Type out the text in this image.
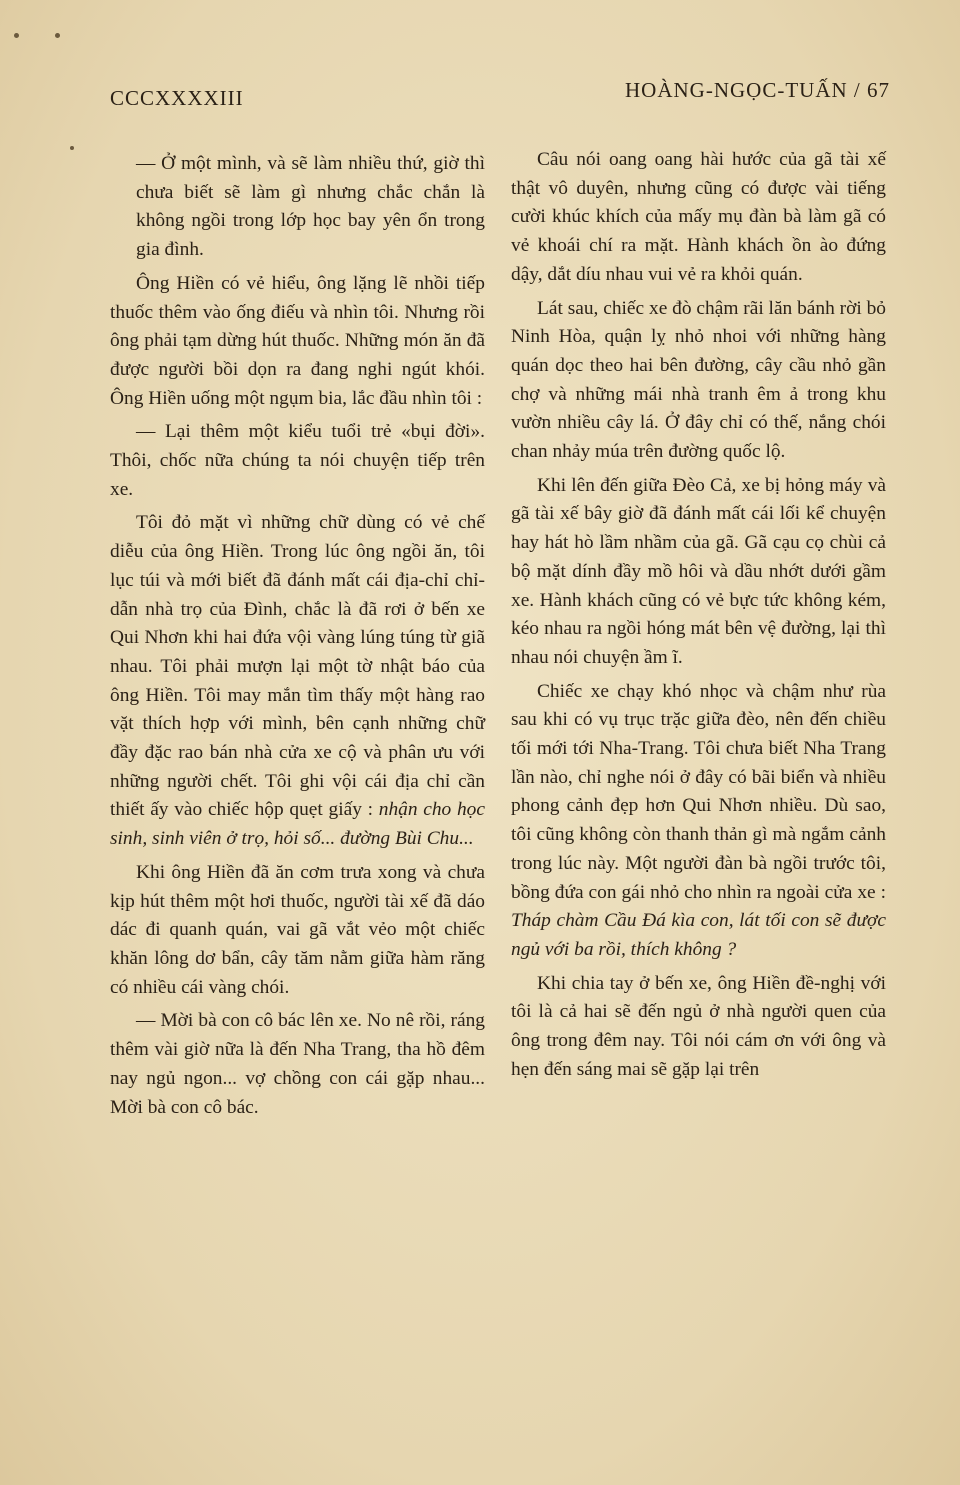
CCCXXXXIII	HOÀNG-NGỌC-TUẤN / 67

— Ở một mình, và sẽ làm nhiều thứ, giờ thì chưa biết sẽ làm gì nhưng chắc chắn là không ngồi trong lớp học bay yên ổn trong gia đình.

Ông Hiền có vẻ hiểu, ông lặng lẽ nhồi tiếp thuốc thêm vào ống điếu và nhìn tôi. Nhưng rồi ông phải tạm dừng hút thuốc. Những món ăn đã được người bồi dọn ra đang nghi ngút khói. Ông Hiền uống một ngụm bia, lắc đầu nhìn tôi :

— Lại thêm một kiểu tuổi trẻ «bụi đời». Thôi, chốc nữa chúng ta nói chuyện tiếp trên xe.

Tôi đỏ mặt vì những chữ dùng có vẻ chế diễu của ông Hiền. Trong lúc ông ngồi ăn, tôi lục túi và mới biết đã đánh mất cái địa-chỉ chỉ-dẫn nhà trọ của Đình, chắc là đã rơi ở bến xe Qui Nhơn khi hai đứa vội vàng lúng túng từ giã nhau. Tôi phải mượn lại một tờ nhật báo của ông Hiền. Tôi may mắn tìm thấy một hàng rao vặt thích hợp với mình, bên cạnh những chữ đầy đặc rao bán nhà cửa xe cộ và phân ưu với những người chết. Tôi ghi vội cái địa chỉ cần thiết ấy vào chiếc hộp quẹt giấy : nhận cho học sinh, sinh viên ở trọ, hỏi số... đường Bùi Chu...

Khi ông Hiền đã ăn cơm trưa xong và chưa kịp hút thêm một hơi thuốc, người tài xế đã dáo dác đi quanh quán, vai gã vắt vẻo một chiếc khăn lông dơ bẩn, cây tăm nằm giữa hàm răng có nhiều cái vàng chói.

— Mời bà con cô bác lên xe. No nê rồi, ráng thêm vài giờ nữa là đến Nha Trang, tha hồ đêm nay ngủ ngon... vợ chồng con cái gặp nhau... Mời bà con cô bác.

Câu nói oang oang hài hước của gã tài xế thật vô duyên, nhưng cũng có được vài tiếng cười khúc khích của mấy mụ đàn bà làm gã có vẻ khoái chí ra mặt. Hành khách ồn ào đứng dậy, dắt díu nhau vui vẻ ra khỏi quán.

Lát sau, chiếc xe đò chậm rãi lăn bánh rời bỏ Ninh Hòa, quận lỵ nhỏ nhoi với những hàng quán dọc theo hai bên đường, cây cầu nhỏ gần chợ và những mái nhà tranh êm ả trong khu vườn nhiều cây lá. Ở đây chỉ có thế, nắng chói chan nhảy múa trên đường quốc lộ.

Khi lên đến giữa Đèo Cả, xe bị hỏng máy và gã tài xế bây giờ đã đánh mất cái lối kể chuyện hay hát hò lầm nhầm của gã. Gã cạu cọ chùi cả bộ mặt dính đầy mồ hôi và dầu nhớt dưới gầm xe. Hành khách cũng có vẻ bực tức không kém, kéo nhau ra ngồi hóng mát bên vệ đường, lại thì nhau nói chuyện ầm ĩ.

Chiếc xe chạy khó nhọc và chậm như rùa sau khi có vụ trục trặc giữa đèo, nên đến chiều tối mới tới Nha-Trang. Tôi chưa biết Nha Trang lần nào, chỉ nghe nói ở đây có bãi biển và nhiều phong cảnh đẹp hơn Qui Nhơn nhiều. Dù sao, tôi cũng không còn thanh thản gì mà ngắm cảnh trong lúc này. Một người đàn bà ngồi trước tôi, bồng đứa con gái nhỏ cho nhìn ra ngoài cửa xe : Tháp chàm Cầu Đá kìa con, lát tối con sẽ được ngủ với ba rồi, thích không ?

Khi chia tay ở bến xe, ông Hiền đề-nghị với tôi là cả hai sẽ đến ngủ ở nhà người quen của ông trong đêm nay. Tôi nói cám ơn với ông và hẹn đến sáng mai sẽ gặp lại trên
